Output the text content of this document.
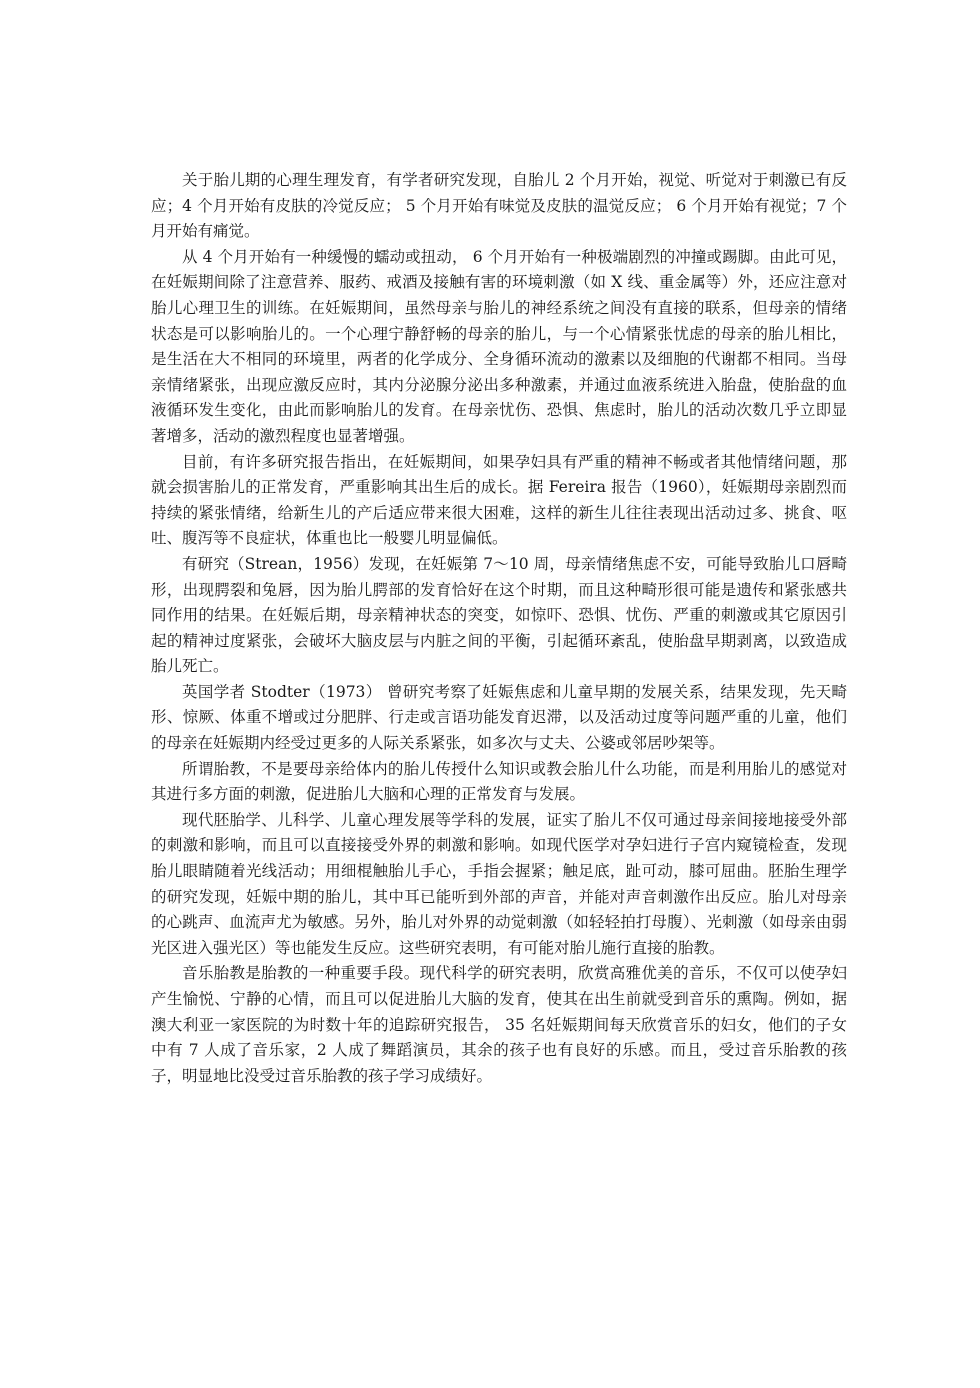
关于胎儿期的心理生理发育，有学者研究发现，自胎儿 2 个月开始，视觉、听觉对于刺激已有反应；4 个月开始有皮肤的冷觉反应； 5 个月开始有味觉及皮肤的温觉反应； 6 个月开始有视觉；7 个月开始有痛觉。

从 4 个月开始有一种缓慢的蠕动或扭动， 6 个月开始有一种极端剧烈的冲撞或踢脚。由此可见，在妊娠期间除了注意营养、服药、戒酒及接触有害的环境刺激（如 X 线、重金属等）外，还应注意对胎儿心理卫生的训练。在妊娠期间，虽然母亲与胎儿的神经系统之间没有直接的联系，但母亲的情绪状态是可以影响胎儿的。一个心理宁静舒畅的母亲的胎儿，与一个心情紧张忧虑的母亲的胎儿相比，是生活在大不相同的环境里，两者的化学成分、全身循环流动的激素以及细胞的代谢都不相同。当母亲情绪紧张，出现应激反应时，其内分泌腺分泌出多种激素，并通过血液系统进入胎盘，使胎盘的血液循环发生变化，由此而影响胎儿的发育。在母亲忧伤、恐惧、焦虑时，胎儿的活动次数几乎立即显著增多，活动的激烈程度也显著增强。

目前，有许多研究报告指出，在妊娠期间，如果孕妇具有严重的精神不畅或者其他情绪问题，那就会损害胎儿的正常发育，严重影响其出生后的成长。据 Fereira 报告（1960），妊娠期母亲剧烈而持续的紧张情绪，给新生儿的产后适应带来很大困难，这样的新生儿往往表现出活动过多、挑食、呕吐、腹泻等不良症状，体重也比一般婴儿明显偏低。

有研究（Strean，1956）发现，在妊娠第 7～10 周，母亲情绪焦虑不安，可能导致胎儿口唇畸形，出现腭裂和兔唇，因为胎儿腭部的发育恰好在这个时期，而且这种畸形很可能是遗传和紧张感共同作用的结果。在妊娠后期，母亲精神状态的突变，如惊吓、恐惧、忧伤、严重的刺激或其它原因引起的精神过度紧张，会破坏大脑皮层与内脏之间的平衡，引起循环紊乱，使胎盘早期剥离，以致造成胎儿死亡。

英国学者 Stodter（1973） 曾研究考察了妊娠焦虑和儿童早期的发展关系，结果发现，先天畸形、惊厥、体重不增或过分肥胖、行走或言语功能发育迟滞，以及活动过度等问题严重的儿童，他们的母亲在妊娠期内经受过更多的人际关系紧张，如多次与丈夫、公婆或邻居吵架等。

所谓胎教，不是要母亲给体内的胎儿传授什么知识或教会胎儿什么功能，而是利用胎儿的感觉对其进行多方面的刺激，促进胎儿大脑和心理的正常发育与发展。

现代胚胎学、儿科学、儿童心理发展等学科的发展，证实了胎儿不仅可通过母亲间接地接受外部的刺激和影响，而且可以直接接受外界的刺激和影响。如现代医学对孕妇进行子宫内窥镜检查，发现胎儿眼睛随着光线活动；用细棍触胎儿手心，手指会握紧；触足底，趾可动，膝可屈曲。胚胎生理学的研究发现，妊娠中期的胎儿，其中耳已能听到外部的声音，并能对声音刺激作出反应。胎儿对母亲的心跳声、血流声尤为敏感。另外，胎儿对外界的动觉刺激（如轻轻拍打母腹）、光刺激（如母亲由弱光区进入强光区）等也能发生反应。这些研究表明，有可能对胎儿施行直接的胎教。

音乐胎教是胎教的一种重要手段。现代科学的研究表明，欣赏高雅优美的音乐，不仅可以使孕妇产生愉悦、宁静的心情，而且可以促进胎儿大脑的发育，使其在出生前就受到音乐的熏陶。例如，据澳大利亚一家医院的为时数十年的追踪研究报告， 35 名妊娠期间每天欣赏音乐的妇女，他们的子女中有 7 人成了音乐家，2 人成了舞蹈演员，其余的孩子也有良好的乐感。而且，受过音乐胎教的孩子，明显地比没受过音乐胎教的孩子学习成绩好。
